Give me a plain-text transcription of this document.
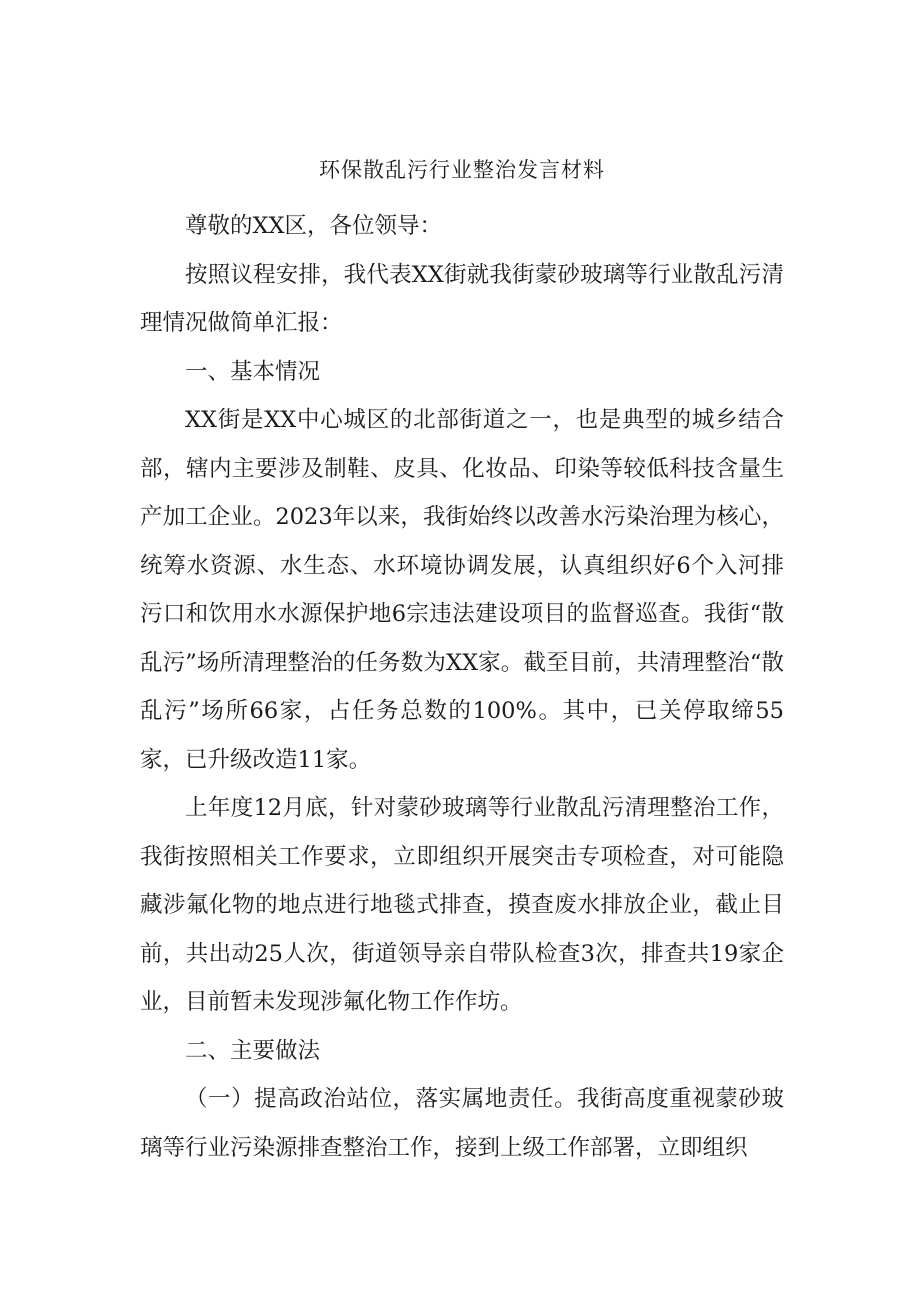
环保散乱污行业整治发言材料

尊敬的XX区，各位领导：

按照议程安排，我代表XX街就我街蒙砂玻璃等行业散乱污清理情况做简单汇报：

一、基本情况

XX街是XX中心城区的北部街道之一，也是典型的城乡结合部，辖内主要涉及制鞋、皮具、化妆品、印染等较低科技含量生产加工企业。2023年以来，我街始终以改善水污染治理为核心，统筹水资源、水生态、水环境协调发展，认真组织好6个入河排污口和饮用水水源保护地6宗违法建设项目的监督巡查。我街“散乱污”场所清理整治的任务数为XX家。截至目前，共清理整治“散乱污”场所66家，占任务总数的100%。其中，已关停取缔55家，已升级改造11家。

上年度12月底，针对蒙砂玻璃等行业散乱污清理整治工作，我街按照相关工作要求，立即组织开展突击专项检查，对可能隐藏涉氟化物的地点进行地毯式排查，摸查废水排放企业，截止目前，共出动25人次，街道领导亲自带队检查3次，排查共19家企业，目前暂未发现涉氟化物工作作坊。

二、主要做法

（一）提高政治站位，落实属地责任。我街高度重视蒙砂玻璃等行业污染源排查整治工作，接到上级工作部署，立即组织
